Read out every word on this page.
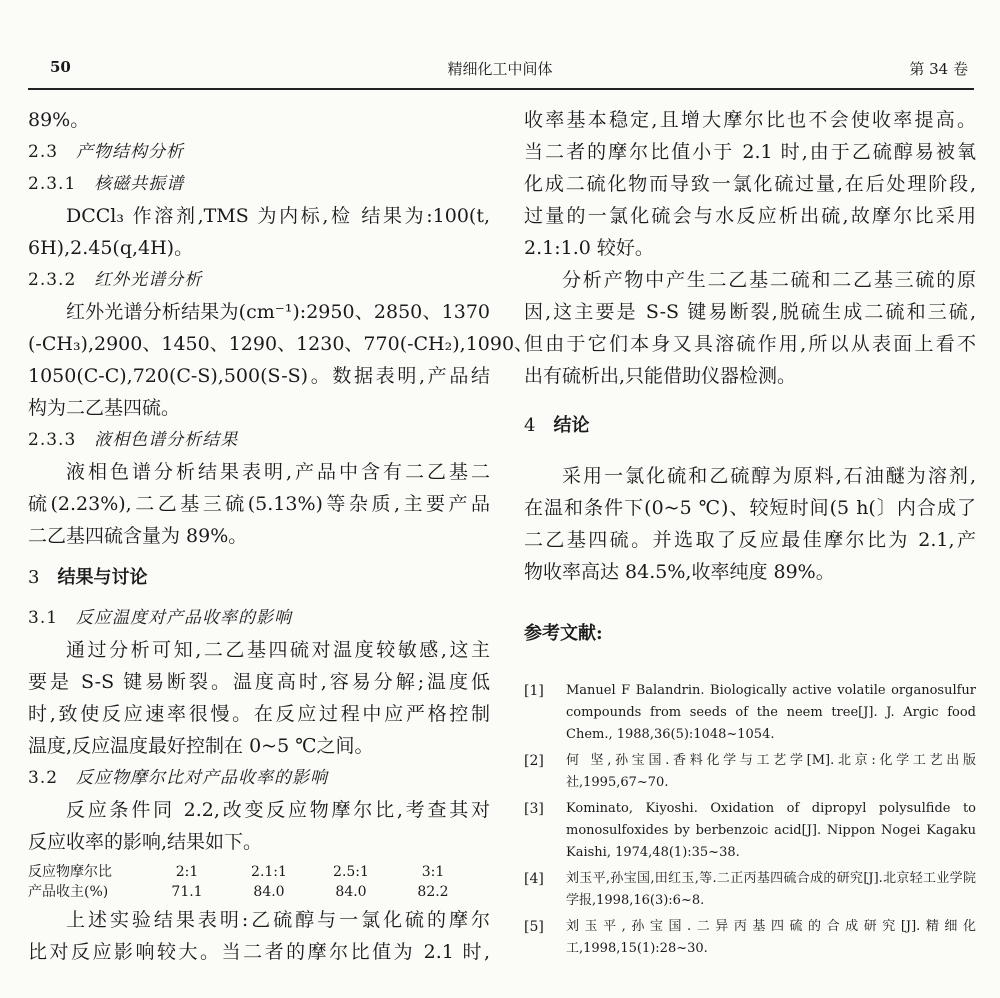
50	精细化工中间体	第 34 卷
89%。
2.3 产物结构分析
2.3.1 核磁共振谱
DCCl₃ 作溶剂,TMS 为内标,检 结果为:100(t,
6H),2.45(q,4H)。
2.3.2 红外光谱分析
红外光谱分析结果为(cm⁻¹):2950、2850、1370
(-CH₃),2900、1450、1290、1230、770(-CH₂),1090、
1050(C-C),720(C-S),500(S-S)。数据表明,产品结
构为二乙基四硫。
2.3.3 液相色谱分析结果
液相色谱分析结果表明,产品中含有二乙基二
硫(2.23%),二乙基三硫(5.13%)等杂质,主要产品
二乙基四硫含量为 89%。
3 结果与讨论
3.1 反应温度对产品收率的影响
通过分析可知,二乙基四硫对温度较敏感,这主
要是 S-S 键易断裂。温度高时,容易分解;温度低
时,致使反应速率很慢。在反应过程中应严格控制
温度,反应温度最好控制在 0~5 ℃之间。
3.2 反应物摩尔比对产品收率的影响
反应条件同 2.2,改变反应物摩尔比,考查其对
反应收率的影响,结果如下。
反应物摩尔比	2:1	2.1:1	2.5:1	3:1
产品收主(%)	71.1	84.0	84.0	82.2
上述实验结果表明:乙硫醇与一氯化硫的摩尔
比对反应影响较大。当二者的摩尔比值为 2.1 时,
收率基本稳定,且增大摩尔比也不会使收率提高。
当二者的摩尔比值小于 2.1 时,由于乙硫醇易被氧
化成二硫化物而导致一氯化硫过量,在后处理阶段,
过量的一氯化硫会与水反应析出硫,故摩尔比采用
2.1:1.0 较好。
分析产物中产生二乙基二硫和二乙基三硫的原
因,这主要是 S-S 键易断裂,脱硫生成二硫和三硫,
但由于它们本身又具溶硫作用,所以从表面上看不
出有硫析出,只能借助仪器检测。
4 结论
采用一氯化硫和乙硫醇为原料,石油醚为溶剂,
在温和条件下(0~5 ℃)、较短时间(5 h(〕内合成了
二乙基四硫。并选取了反应最佳摩尔比为 2.1,产
物收率高达 84.5%,收率纯度 89%。
参考文献:
[1]	Manuel F Balandrin. Biologically active volatile organosulfur compounds from seeds of the neem tree[J]. J. Argic food Chem., 1988,36(5):1048~1054.
[2]	何 坚,孙宝国.香料化学与工艺学[M].北京:化学工艺出版社,1995,67~70.
[3]	Kominato, Kiyoshi. Oxidation of dipropyl polysulfide to monosulfoxides by berbenzoic acid[J]. Nippon Nogei Kagaku Kaishi, 1974,48(1):35~38.
[4]	刘玉平,孙宝国,田红玉,等.二正丙基四硫合成的研究[J].北京轻工业学院学报,1998,16(3):6~8.
[5]	刘玉平,孙宝国.二异丙基四硫的合成研究[J].精细化工,1998,15(1):28~30.
